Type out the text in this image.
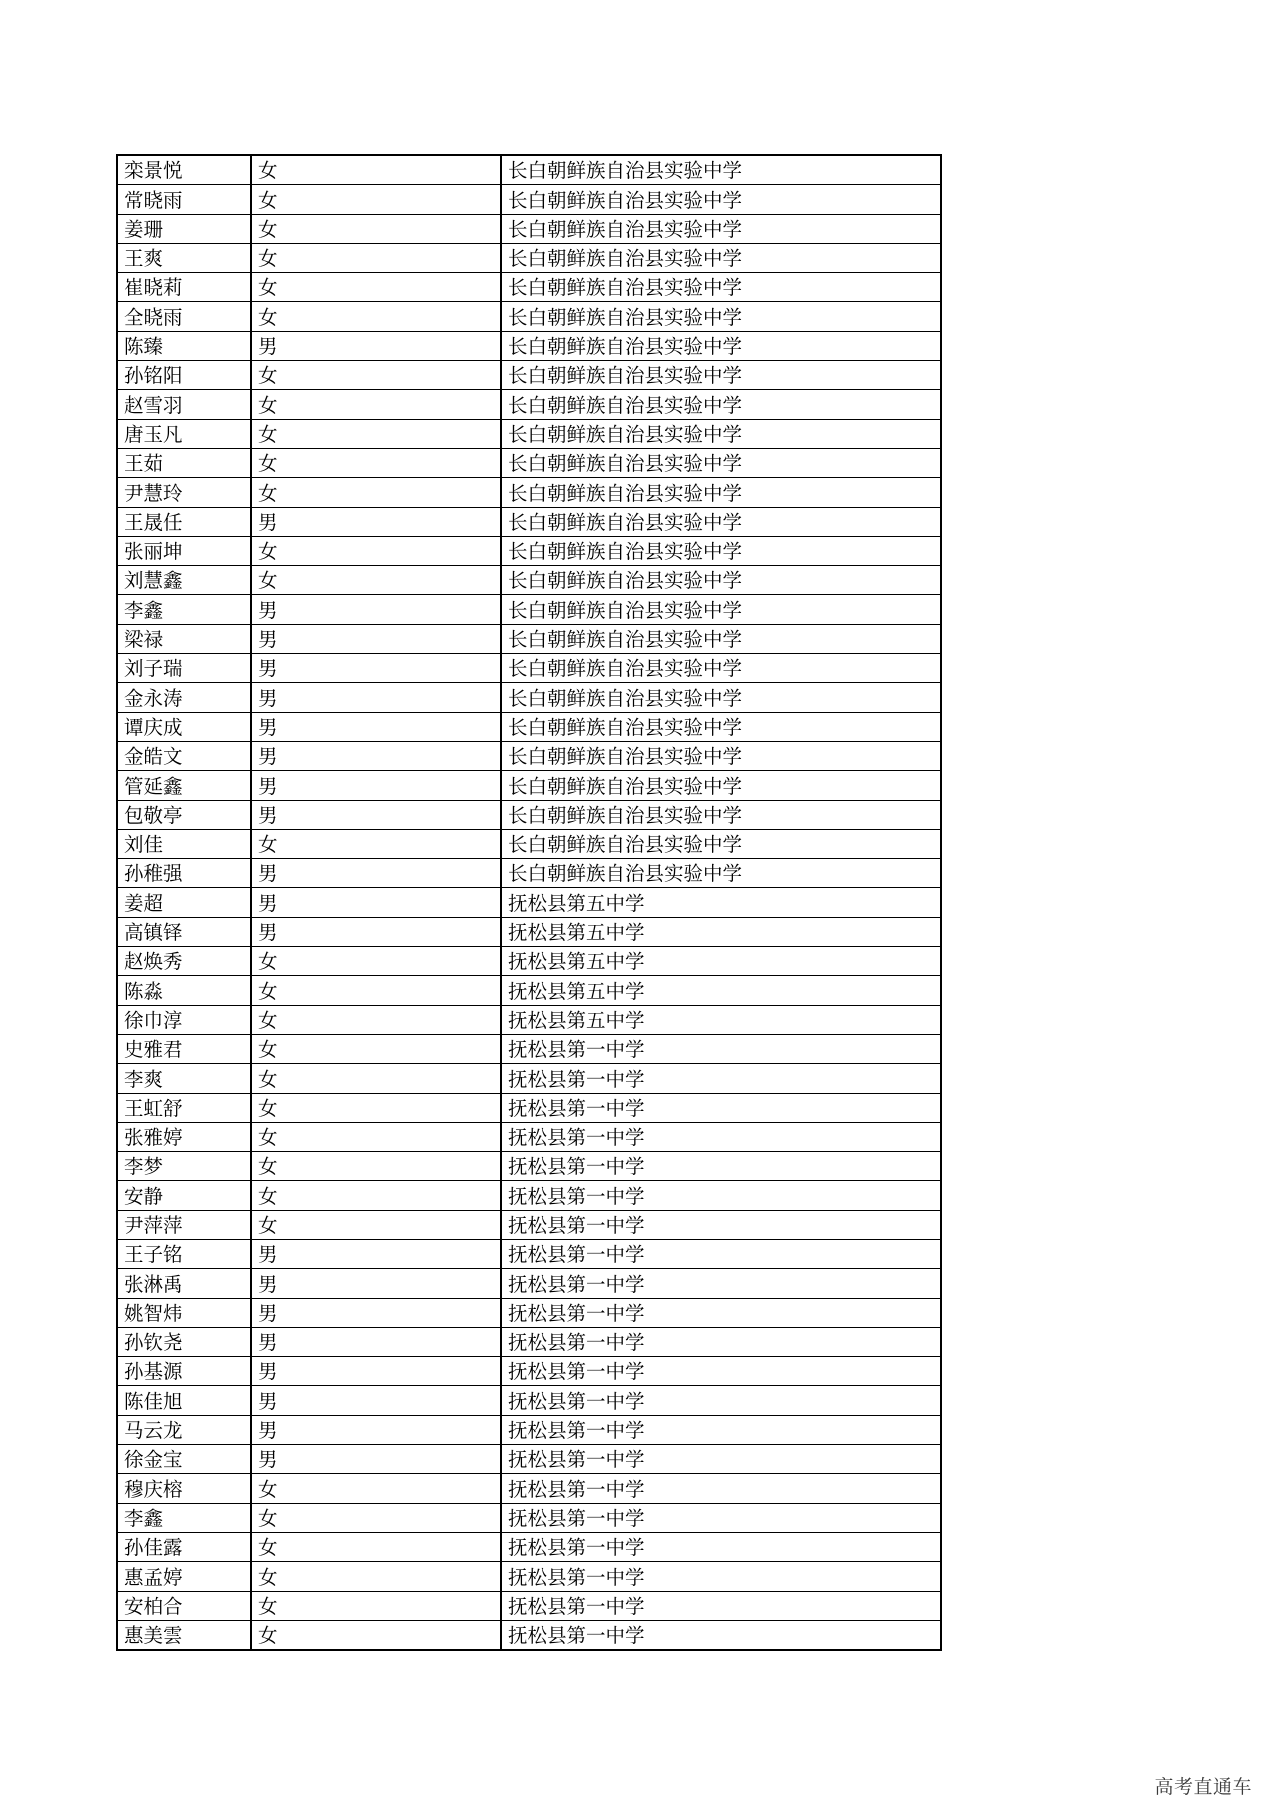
栾景悦	女	长白朝鲜族自治县实验中学
常晓雨	女	长白朝鲜族自治县实验中学
姜珊	女	长白朝鲜族自治县实验中学
王爽	女	长白朝鲜族自治县实验中学
崔晓莉	女	长白朝鲜族自治县实验中学
全晓雨	女	长白朝鲜族自治县实验中学
陈臻	男	长白朝鲜族自治县实验中学
孙铭阳	女	长白朝鲜族自治县实验中学
赵雪羽	女	长白朝鲜族自治县实验中学
唐玉凡	女	长白朝鲜族自治县实验中学
王茹	女	长白朝鲜族自治县实验中学
尹慧玲	女	长白朝鲜族自治县实验中学
王晟任	男	长白朝鲜族自治县实验中学
张丽坤	女	长白朝鲜族自治县实验中学
刘慧鑫	女	长白朝鲜族自治县实验中学
李鑫	男	长白朝鲜族自治县实验中学
梁禄	男	长白朝鲜族自治县实验中学
刘子瑞	男	长白朝鲜族自治县实验中学
金永涛	男	长白朝鲜族自治县实验中学
谭庆成	男	长白朝鲜族自治县实验中学
金皓文	男	长白朝鲜族自治县实验中学
管延鑫	男	长白朝鲜族自治县实验中学
包敬亭	男	长白朝鲜族自治县实验中学
刘佳	女	长白朝鲜族自治县实验中学
孙稚强	男	长白朝鲜族自治县实验中学
姜超	男	抚松县第五中学
高镇铎	男	抚松县第五中学
赵焕秀	女	抚松县第五中学
陈淼	女	抚松县第五中学
徐巾淳	女	抚松县第五中学
史雅君	女	抚松县第一中学
李爽	女	抚松县第一中学
王虹舒	女	抚松县第一中学
张雅婷	女	抚松县第一中学
李梦	女	抚松县第一中学
安静	女	抚松县第一中学
尹萍萍	女	抚松县第一中学
王子铭	男	抚松县第一中学
张淋禹	男	抚松县第一中学
姚智炜	男	抚松县第一中学
孙钦尧	男	抚松县第一中学
孙基源	男	抚松县第一中学
陈佳旭	男	抚松县第一中学
马云龙	男	抚松县第一中学
徐金宝	男	抚松县第一中学
穆庆榕	女	抚松县第一中学
李鑫	女	抚松县第一中学
孙佳露	女	抚松县第一中学
惠孟婷	女	抚松县第一中学
安柏合	女	抚松县第一中学
惠美雲	女	抚松县第一中学
高考直通车
